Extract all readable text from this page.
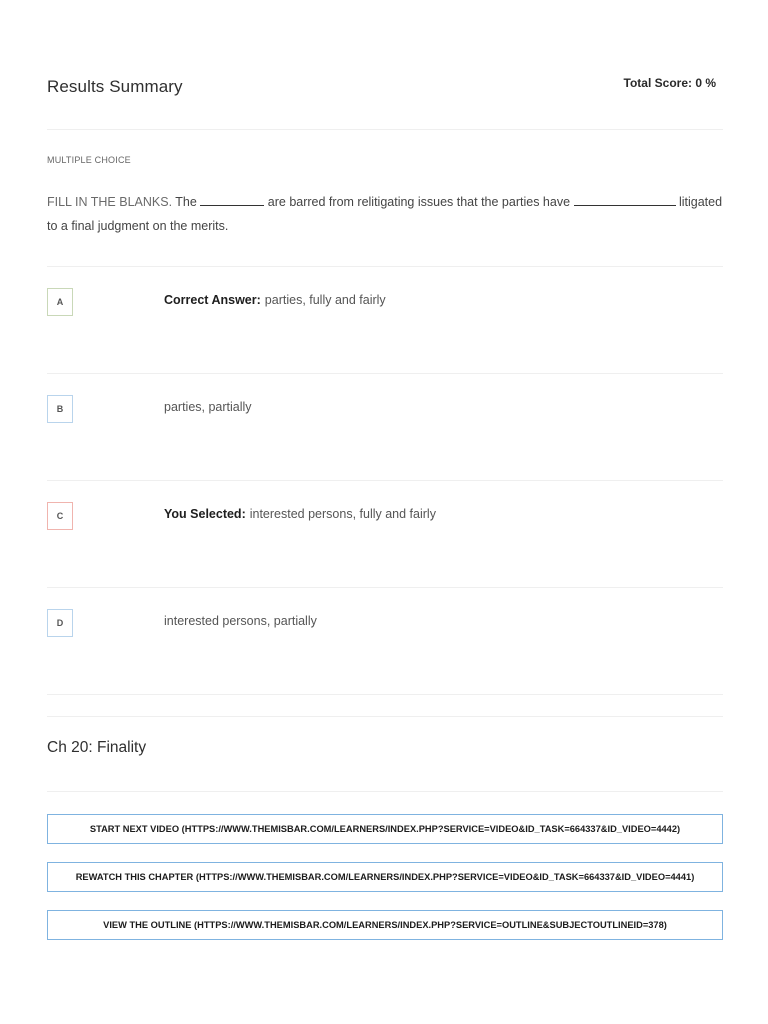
Results Summary	Total Score: 0 %
MULTIPLE CHOICE
FILL IN THE BLANKS. The	are barred from relitigating issues that the parties have	litigated to a final judgment on the merits.
A	Correct Answer: parties, fully and fairly
B	parties, partially
C	You Selected: interested persons, fully and fairly
D	interested persons, partially
Ch 20: Finality
START NEXT VIDEO (HTTPS://WWW.THEMISBAR.COM/LEARNERS/INDEX.PHP?SERVICE=VIDEO&ID_TASK=664337&ID_VIDEO=4442)
REWATCH THIS CHAPTER (HTTPS://WWW.THEMISBAR.COM/LEARNERS/INDEX.PHP?SERVICE=VIDEO&ID_TASK=664337&ID_VIDEO=4441)
VIEW THE OUTLINE (HTTPS://WWW.THEMISBAR.COM/LEARNERS/INDEX.PHP?SERVICE=OUTLINE&SUBJECTOUTLINEID=378)
